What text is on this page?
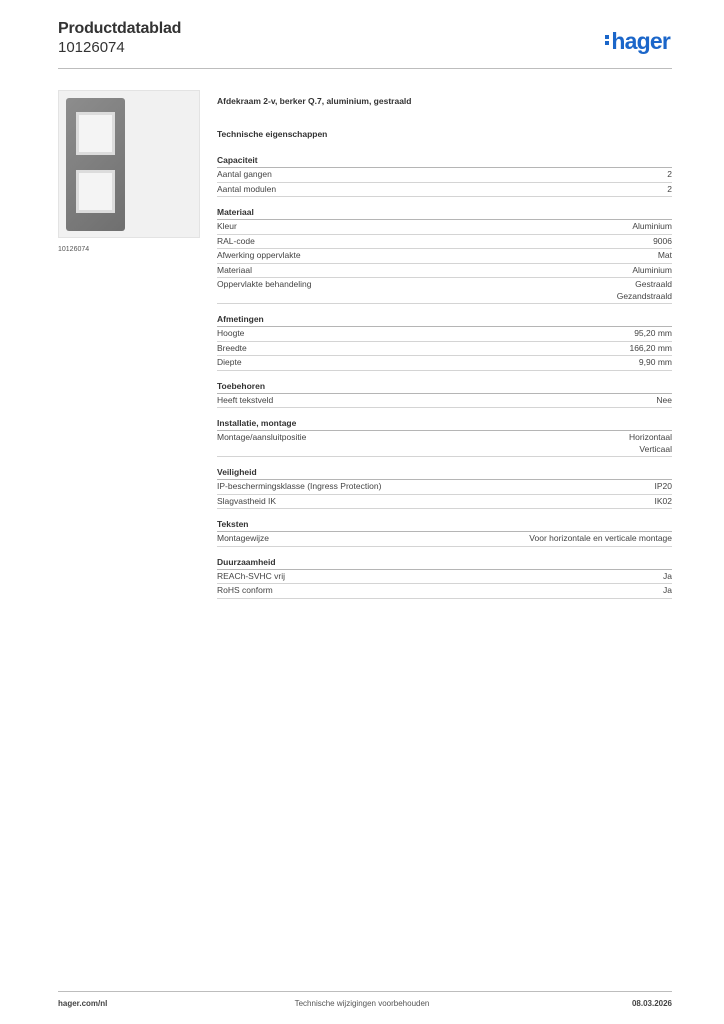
Productdatablad
10126074	hager
10126074
Afdekraam 2-v, berker Q.7, aluminium, gestraald
Technische eigenschappen
Capaciteit
Aantal gangen	2
Aantal modulen	2
Materiaal
Kleur	Aluminium
RAL-code	9006
Afwerking oppervlakte	Mat
Materiaal	Aluminium
Oppervlakte behandeling	Gestraald
Gezandstraald
Afmetingen
Hoogte	95,20 mm
Breedte	166,20 mm
Diepte	9,90 mm
Toebehoren
Heeft tekstveld	Nee
Installatie, montage
Montage/aansluitpositie	Horizontaal
Verticaal
Veiligheid
IP-beschermingsklasse (Ingress Protection)	IP20
Slagvastheid IK	IK02
Teksten
Montagewijze	Voor horizontale en verticale montage
Duurzaamheid
REACh-SVHC vrij	Ja
RoHS conform	Ja
hager.com/nl	Technische wijzigingen voorbehouden	08.03.2026
